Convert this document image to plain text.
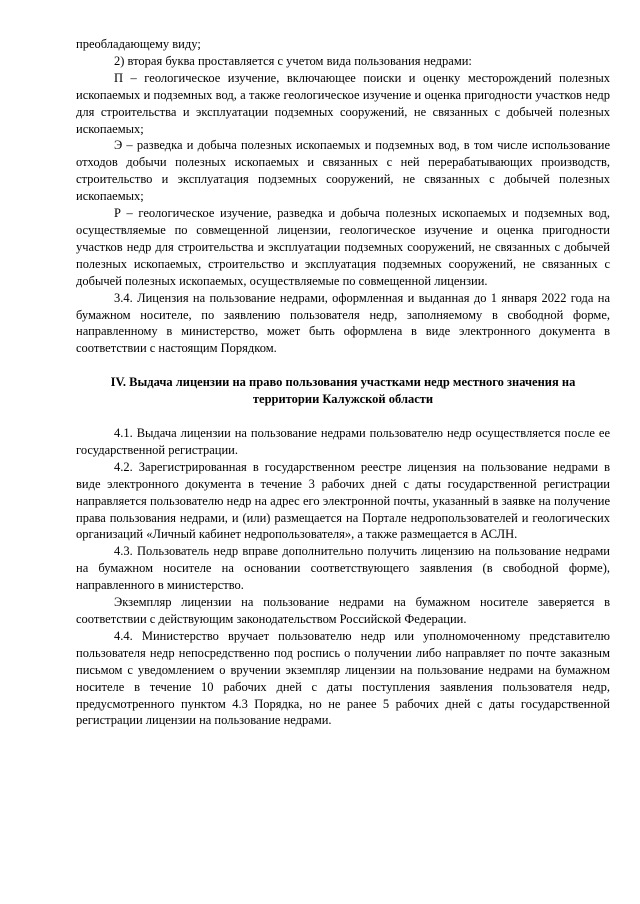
преобладающему виду;

2) вторая буква проставляется с учетом вида пользования недрами:

П – геологическое изучение, включающее поиски и оценку месторождений полезных ископаемых и подземных вод, а также геологическое изучение и оценка пригодности участков недр для строительства и эксплуатации подземных сооружений, не связанных с добычей полезных ископаемых;

Э – разведка и добыча полезных ископаемых и подземных вод, в том числе использование отходов добычи полезных ископаемых и связанных с ней перерабатывающих производств, строительство и эксплуатация подземных сооружений, не связанных с добычей полезных ископаемых;

Р – геологическое изучение, разведка и добыча полезных ископаемых и подземных вод, осуществляемые по совмещенной лицензии, геологическое изучение и оценка пригодности участков недр для строительства и эксплуатации подземных сооружений, не связанных с добычей полезных ископаемых, строительство и эксплуатация подземных сооружений, не связанных с добычей полезных ископаемых, осуществляемые по совмещенной лицензии.

3.4. Лицензия на пользование недрами, оформленная и выданная до 1 января 2022 года на бумажном носителе, по заявлению пользователя недр, заполняемому в свободной форме, направленному в министерство, может быть оформлена в виде электронного документа в соответствии с настоящим Порядком.

IV. Выдача лицензии на право пользования участками недр местного значения на территории Калужской области

4.1. Выдача лицензии на пользование недрами пользователю недр осуществляется после ее государственной регистрации.

4.2. Зарегистрированная в государственном реестре лицензия на пользование недрами в виде электронного документа в течение 3 рабочих дней с даты государственной регистрации направляется пользователю недр на адрес его электронной почты, указанный в заявке на получение права пользования недрами, и (или) размещается на Портале недропользователей и геологических организаций «Личный кабинет недропользователя», а также размещается в АСЛН.

4.3. Пользователь недр вправе дополнительно получить лицензию на пользование недрами на бумажном носителе на основании соответствующего заявления (в свободной форме), направленного в министерство.

Экземпляр лицензии на пользование недрами на бумажном носителе заверяется в соответствии с действующим законодательством Российской Федерации.

4.4. Министерство вручает пользователю недр или уполномоченному представителю пользователя недр непосредственно под роспись о получении либо направляет по почте заказным письмом с уведомлением о вручении экземпляр лицензии на пользование недрами на бумажном носителе в течение 10 рабочих дней с даты поступления заявления пользователя недр, предусмотренного пунктом 4.3 Порядка, но не ранее 5 рабочих дней с даты государственной регистрации лицензии на пользование недрами.
